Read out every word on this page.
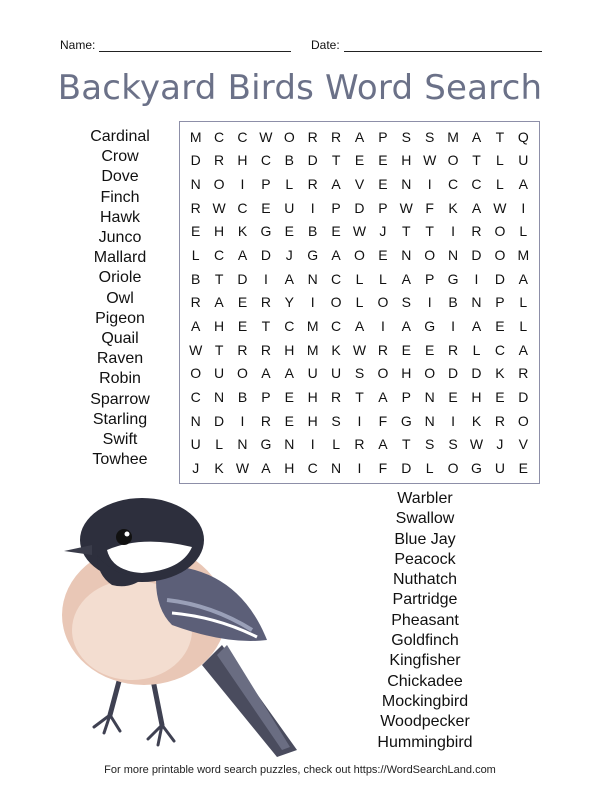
Name:	Date:
Backyard Birds Word Search
Cardinal
Crow
Dove
Finch
Hawk
Junco
Mallard
Oriole
Owl
Pigeon
Quail
Raven
Robin
Sparrow
Starling
Swift
Towhee
M C C W O R R A	P	S	S M A	T Q
D R H C B D	T	E	E H W O T	L	U
N O	I	P	L	R A	V	E N	I	C C	L	A
R W C E U	I	P D P W F	K	A W	I
E H K G E	B	E W J	T	T	I	R O	L
L	C A D	J	G A O E N O N D O M
B	T	D	I	A N C	L	L	A	P G	I	D A
R A	E R Y	I	O	L	O S	I	B N P	L
A H E	T	C M C A	I	A G	I	A	E	L
W T	R R H M K W R E	E R	L	C A
O U O A	A U U S O H O D D K R
C N B	P	E H R	T	A	P N E H E D
N D	I	R E H S	I	F G N	I	K R O
U	L	N G N	I	L	R A	T	S	S W J	V
J	K W A H C N	I	F	D	L	O G U E
Warbler
Swallow
Blue Jay
Peacock
Nuthatch
Partridge
Pheasant
Goldfinch
Kingfisher
Chickadee
Mockingbird
Woodpecker
Hummingbird
For more printable word search puzzles, check out https://WordSearchLand.com
